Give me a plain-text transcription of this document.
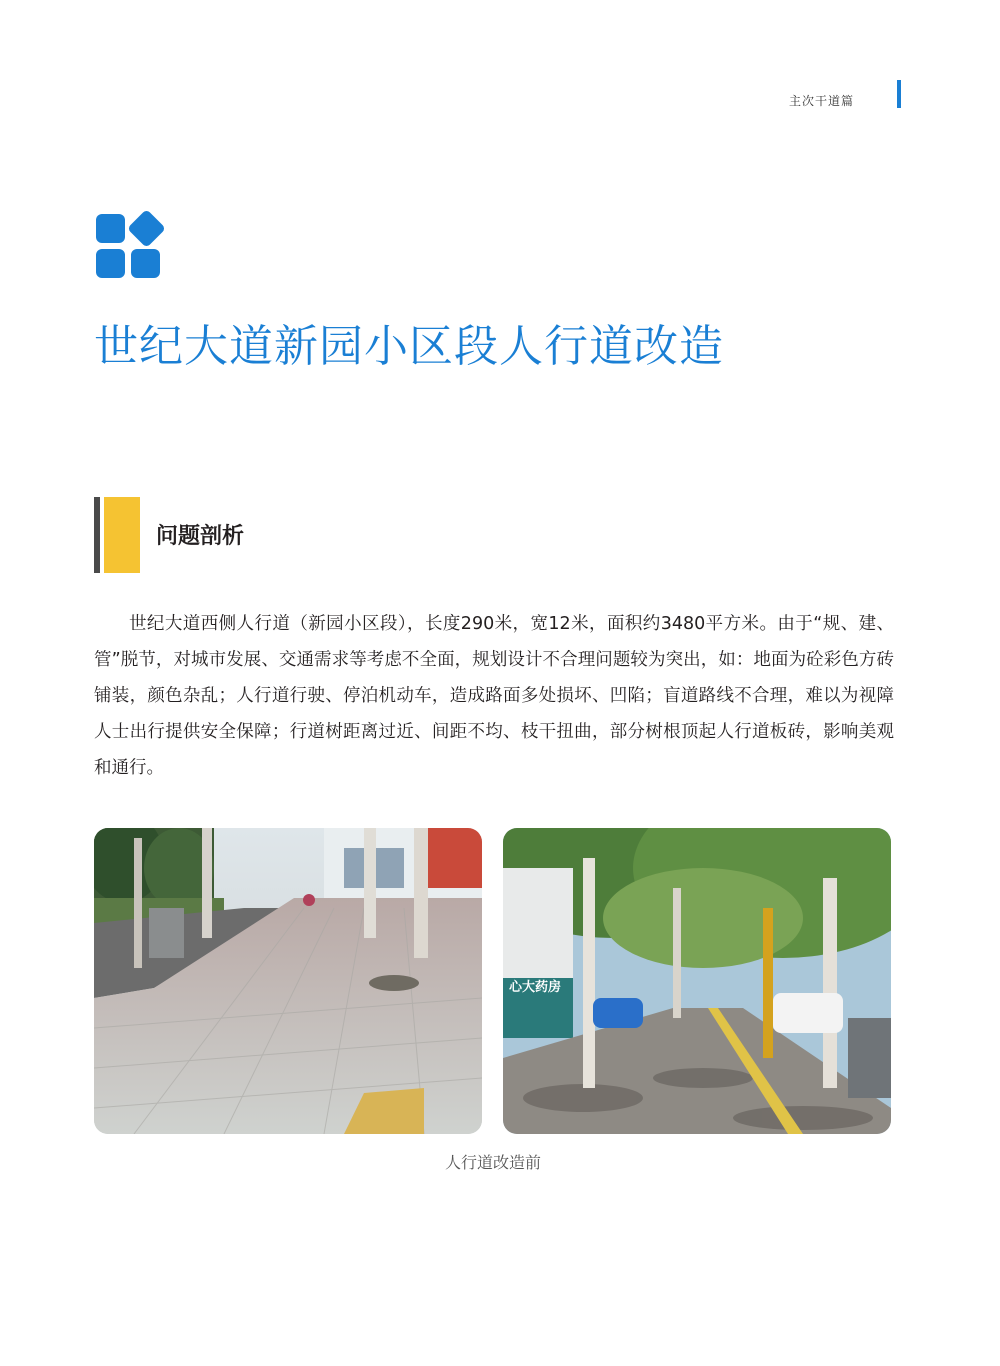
主次干道篇
世纪大道新园小区段人行道改造
问题剖析

世纪大道西侧人行道（新园小区段），长度290米，宽12米，面积约3480平方米。由于“规、建、管”脱节，对城市发展、交通需求等考虑不全面，规划设计不合理问题较为突出，如：地面为砼彩色方砖铺装，颜色杂乱；人行道行驶、停泊机动车，造成路面多处损坏、凹陷；盲道路线不合理，难以为视障人士出行提供安全保障；行道树距离过近、间距不均、枝干扭曲，部分树根顶起人行道板砖，影响美观和通行。

心大药房
人行道改造前
